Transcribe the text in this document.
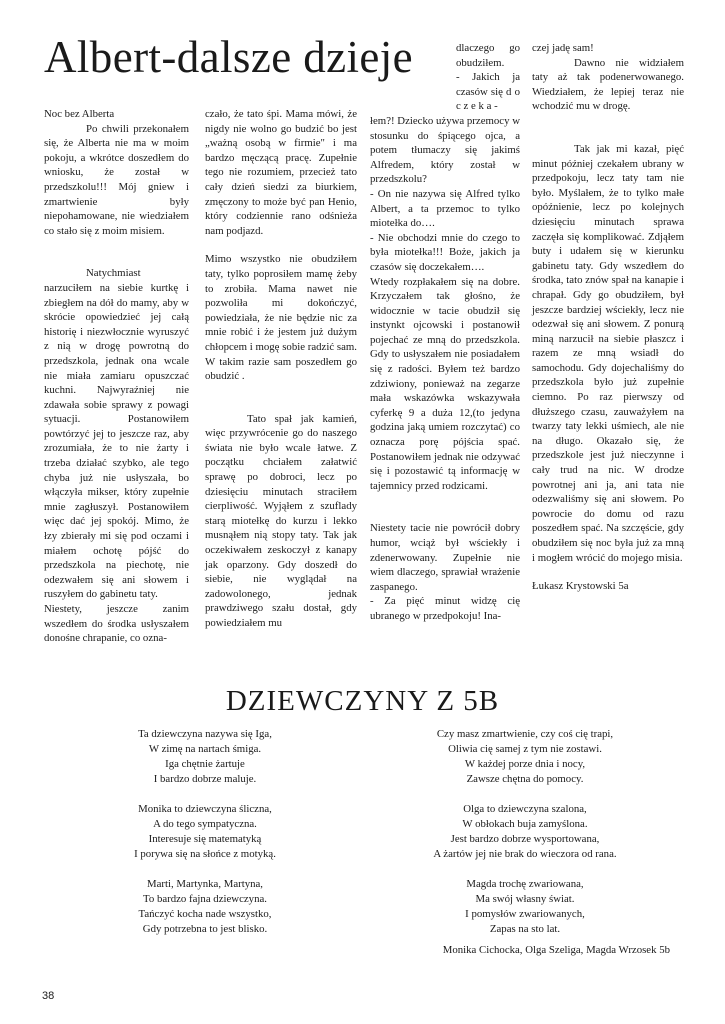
Albert-dalsze dzieje

Noc bez Alberta

Po chwili przekonałem się, że Alberta nie ma w moim pokoju, a wkrótce doszedłem do wniosku, że został w przedszkolu!!! Mój gniew i zmartwienie były niepohamowane, nie wiedziałem co stało się z moim misiem.

Natychmiast narzuciłem na siebie kurtkę i zbiegłem na dół do mamy, aby w skrócie opowiedzieć jej całą historię i niezwłocznie wyruszyć z nią w drogę powrotną do przedszkola, jednak ona wcale nie miała zamiaru opuszczać kuchni. Najwyraźniej nie zdawała sobie sprawy z powagi sytuacji. Postanowiłem powtórzyć jej to jeszcze raz, aby zrozumiała, że to nie żarty i trzeba działać szybko, ale tego chyba już nie usłyszała, bo włączyła mikser, który zupełnie mnie zagłuszył. Postanowiłem więc dać jej spokój. Mimo, że łzy zbierały mi się pod oczami i miałem ochotę pójść do przedszkola na piechotę, nie odezwałem się ani słowem i ruszyłem do gabinetu taty.

Niestety, jeszcze zanim wszedłem do środka usłyszałem donośne chrapanie, co ozna-

czało, że tato śpi. Mama mówi, że nigdy nie wolno go budzić bo jest „ważną osobą w firmie" i ma bardzo męczącą pracę. Zupełnie tego nie rozumiem, przecież tato cały dzień siedzi za biurkiem, zmęczony to może być pan Henio, który codziennie rano odśnieża nam podjazd.

Mimo wszystko nie obudziłem taty, tylko poprosiłem mamę żeby to zrobiła. Mama nawet nie pozwoliła mi dokończyć, powiedziała, że nie będzie nic za mnie robić i że jestem już dużym chłopcem i mogę sobie radzić sam. W takim razie sam poszedłem go obudzić .

Tato spał jak kamień, więc przywrócenie go do naszego świata nie było wcale łatwe. Z początku chciałem załatwić sprawę po dobroci, lecz po dziesięciu minutach straciłem cierpliwość. Wyjąłem z szuflady starą miotełkę do kurzu i lekko musnąłem nią stopy taty. Tak jak oczekiwałem zeskoczył z kanapy jak oparzony. Gdy doszedł do siebie, nie wyglądał na zadowolonego, jednak prawdziwego szału dostał, gdy powiedziałem mu

dlaczego go obudziłem.

- Jakich ja czasów się d o c z e k a -

łem?! Dziecko używa przemocy w stosunku do śpiącego ojca, a potem tłumaczy się jakimś Alfredem, który został w przedszkolu?

- On nie nazywa się Alfred tylko Albert, a ta przemoc to tylko miotełka do….

- Nie obchodzi mnie do czego to była miotełka!!! Boże, jakich ja czasów się doczekałem….

Wtedy rozpłakałem się na dobre. Krzyczałem tak głośno, że widocznie w tacie obudził się instynkt ojcowski i postanowił pojechać ze mną do przedszkola. Gdy to usłyszałem nie posiadałem się z radości. Byłem też bardzo zdziwiony, ponieważ na zegarze mała wskazówka wskazywała cyferkę 9 a duża 12,(to jedyna godzina jaką umiem rozczytać) co oznacza porę pójścia spać. Postanowiłem jednak nie odzywać się i pozostawić tą informację w tajemnicy przed rodzicami.

Niestety tacie nie powrócił dobry humor, wciąż był wściekły i zdenerwowany. Zupełnie nie wiem dlaczego, sprawiał wrażenie zaspanego.

- Za pięć minut widzę cię ubranego w przedpokoju! Ina-

czej jadę sam!

Dawno nie widziałem taty aż tak podenerwowanego. Wiedziałem, że lepiej teraz nie wchodzić mu w drogę.

Tak jak mi kazał, pięć minut później czekałem ubrany w przedpokoju, lecz taty tam nie było. Myślałem, że to tylko małe opóźnienie, lecz po kolejnych dziesięciu minutach sprawa zaczęła się komplikować. Zdjąłem buty i udałem się w kierunku gabinetu taty. Gdy wszedłem do środka, tato znów spał na kanapie i chrapał. Gdy go obudziłem, był jeszcze bardziej wściekły, lecz nie odezwał się ani słowem. Z ponurą miną narzucił na siebie płaszcz i razem ze mną wsiadł do samochodu. Gdy dojechaliśmy do przedszkola było już zupełnie ciemno. Po raz pierwszy od dłuższego czasu, zauważyłem na twarzy taty lekki uśmiech, ale nie na długo. Okazało się, że przedszkole jest już nieczynne i cały trud na nic. W drodze powrotnej ani ja, ani tata nie odezwaliśmy się ani słowem. Po powrocie do domu od razu poszedłem spać. Na szczęście, gdy obudziłem się noc była już za mną i mogłem wrócić do mojego misia.

Łukasz Krystowski 5a

DZIEWCZYNY Z 5B
Ta dziewczyna nazywa się Iga,
W zimę na nartach śmiga.
Iga chętnie żartuje
I bardzo dobrze maluje.
Monika to dziewczyna śliczna,
A do tego sympatyczna.
Interesuje się matematyką
I porywa się na słońce z motyką.
Marti, Martynka, Martyna,
To bardzo fajna dziewczyna.
Tańczyć kocha nade wszystko,
Gdy potrzebna to jest blisko.
Czy masz zmartwienie, czy coś cię trapi,
Oliwia cię samej z tym nie zostawi.
W każdej porze dnia i nocy,
Zawsze chętna do pomocy.
Olga to dziewczyna szalona,
W obłokach buja zamyślona.
Jest bardzo dobrze wysportowana,
A żartów jej nie brak do wieczora od rana.
Magda trochę zwariowana,
Ma swój własny świat.
I pomysłów zwariowanych,
Zapas na sto lat.
Monika Cichocka, Olga Szeliga, Magda Wrzosek 5b
38
